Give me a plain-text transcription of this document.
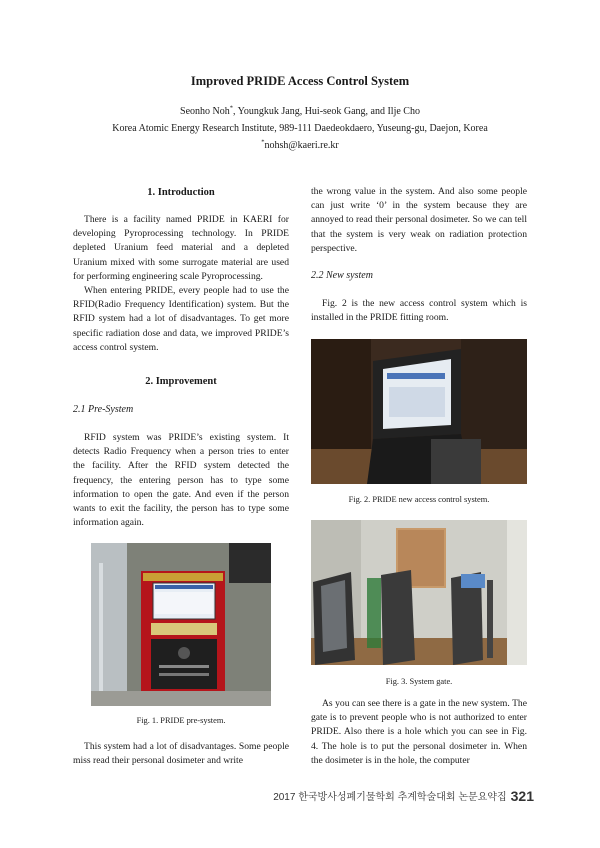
Improved PRIDE Access Control System
Seonho Noh*, Youngkuk Jang, Hui-seok Gang, and Ilje Cho
Korea Atomic Energy Research Institute, 989-111 Daedeokdaero, Yuseung-gu, Daejon, Korea
*nohsh@kaeri.re.kr
1. Introduction

There is a facility named PRIDE in KAERI for developing Pyroprocessing technology. In PRIDE depleted Uranium feed material and a depleted Uranium mixed with some surrogate material are used for performing engineering scale Pyroprocessing.

When entering PRIDE, every people had to use the RFID(Radio Frequency Identification) system. But the RFID system had a lot of disadvantages. To get more specific radiation dose and data, we improved PRIDE’s access control system.

2. Improvement
2.1 Pre-System

RFID system was PRIDE’s existing system. It detects Radio Frequency when a person tries to enter the facility. After the RFID system detected the frequency, the entering person has to type some information to open the gate. And even if the person wants to exit the facility, the person has to type some information again.

Fig. 1. PRIDE pre-system.

This system had a lot of disadvantages. Some people miss read their personal dosimeter and write

the wrong value in the system. And also some people can just write ‘0’ in the system because they are annoyed to read their personal dosimeter. So we can tell that the system is very weak on radiation protection perspective.

2.2 New system

Fig. 2 is the new access control system which is installed in the PRIDE fitting room.

Fig. 2. PRIDE new access control system.
Fig. 3. System gate.

As you can see there is a gate in the new system. The gate is to prevent people who is not authorized to enter PRIDE. Also there is a hole which you can see in Fig. 4. The hole is to put the personal dosimeter in. When the dosimeter is in the hole, the computer

2017 한국방사성폐기물학회 추계학술대회 논문요약집 321
